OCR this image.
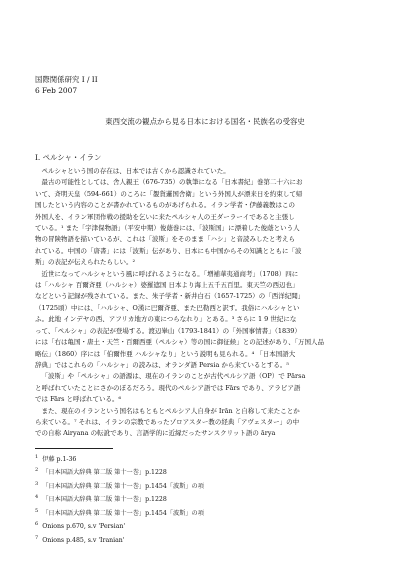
国際関係研究 I / II
6 Feb 2007
東西交流の観点から見る日本における国名・民族名の受容史
I. ペルシャ・イラン

ペルシャという国の存在は、日本では古くから認識されていた。

最古の可能性としては、舎人親王（676-735）の執筆になる「日本書紀」巻第二十六にお

いて、斉明天皇（594-661）のころに「覩貨邏国舎衛」という外国人が漂来日を約束して帰

国したという内容のことが書かれているものがあげられる。イラン学者・伊藤義教はこの

外国人を、イラン軍団作戦の援助を乞いに来たペルシャ人の王ダーラーイであると主張し

ている。¹ また「宇津保物語」（平安中期）俊蔭巻には、「波斯国」に漂着した俊蔭という人

物の冒険物語を描いているが、これは「波斯」をそのまま「ハシ」と音読みしたと考えら

れている。中国の「唐書」には「波斯」伝があり、日本にも中国からその知識とともに「波

斯」の表記が伝えられたらしい。²

近世になってハルシャという風に呼ばれるようになる。「増補華夷通商考」（1708）四に

は「ハルシャ 百爾斉亜（ハルシャ）婆羅遮国 日本より海上五千五百里。東天竺の西辺也」

などという記録が残されている。また、朱子学者・新井白石（1657-1725）の「西洋紀聞」

（1725頃）中には、「ハルシャ、O漢に巴爾斉亜、また巴勒西と訳す。我俗にハルシャとい

ふ。此地 インデヤの西、アフリカ地方の東につらなれり」とある。³ さらに 1 9 世紀にな

って、「ペルシャ」の表記が登場する。渡辺崋山（1793-1841）の「外国事情書」（1839）

には「右は亀国・唐土・天竺・百爾西亜（ペルシャ）等の国に御征候」との記述があり、「万国人品

略伝」（1860）序には「伯爾作亜 ハルシャなり」という説明も見られる。⁴ 「日本国語大

辞典」ではこれらの「ハルシャ」の読みは、オランダ語 Persia から来ているとする。⁵

「波斯」や「ペルシャ」の語源は、現在のイランのことが古代ペルシア語（OP）で Pārsa

と呼ばれていたことにさかのぼるだろう。現代のペルシア語では Fārs であり、アラビア語

では Fārs と呼ばれている。⁶

また、現在のイランという国名はもともとペルシア人自身が Irān と自称して来たことか

ら来ている。⁷ それは、イランの宗教であったゾロアスター教の経典「アヴェスター」の中

での自称 Airyana の転訛であり、言語学的に近縁だったサンスクリット語の ārya

$^1$ 伊藤 p.1-36
$^2$ 「日本国語大辞典 第二版 第十一巻」p.1228
$^3$ 「日本国語大辞典 第二版 第十一巻」p.1454「波斯」の項
$^4$ 「日本国語大辞典 第二版 第十一巻」p.1228
$^5$ 「日本国語大辞典 第二版 第十一巻」p.1454「波斯」の項
$^6$ Onions p.670, s.v 'Persian'
$^7$ Onions p.485, s.v 'Iranian'
